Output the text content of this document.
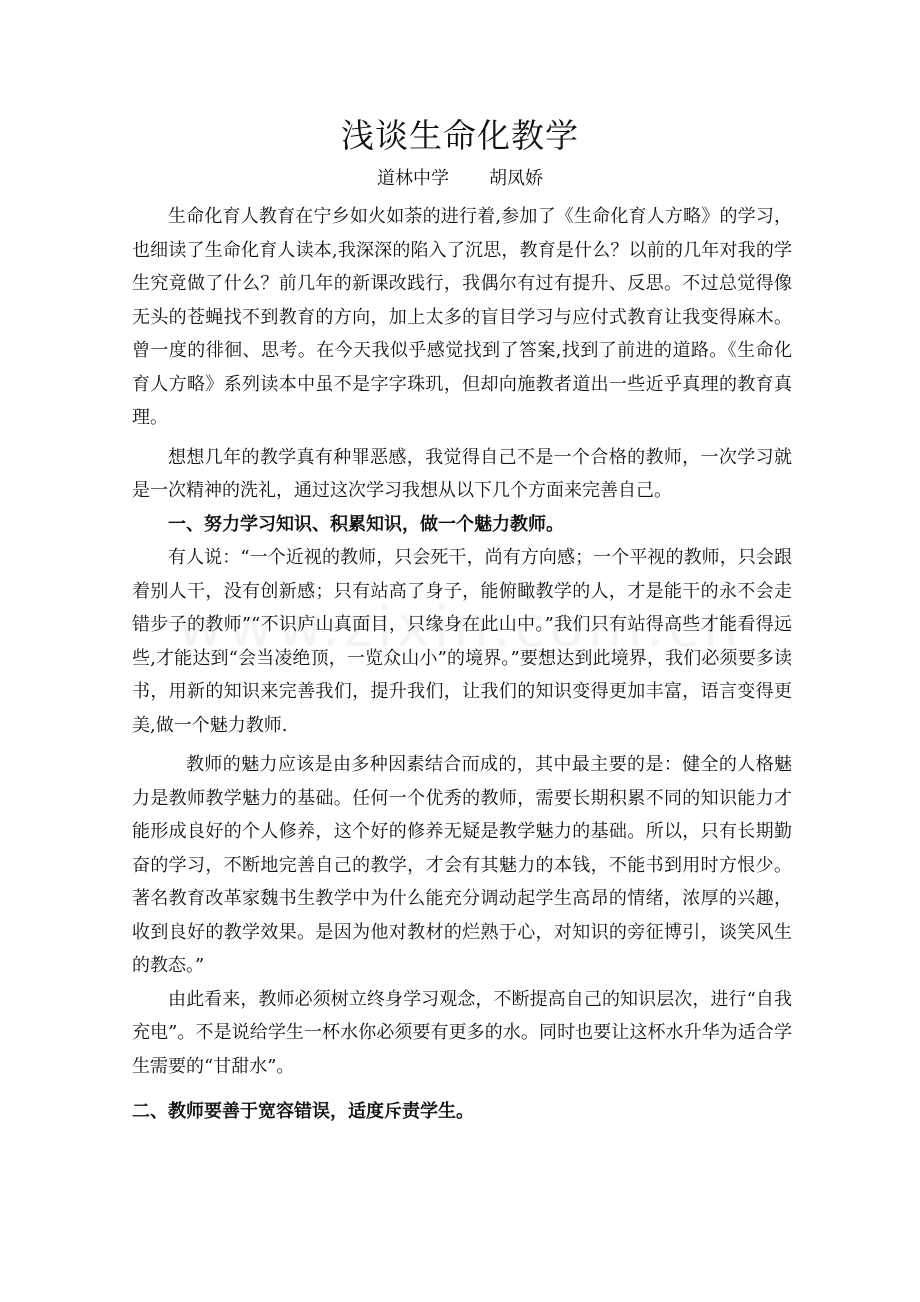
浅谈生命化教学
道林中学 胡凤娇

生命化育人教育在宁乡如火如荼的进行着,参加了《生命化育人方略》的学习，也细读了生命化育人读本,我深深的陷入了沉思，教育是什么？以前的几年对我的学生究竟做了什么？前几年的新课改践行，我偶尔有过有提升、反思。不过总觉得像无头的苍蝇找不到教育的方向，加上太多的盲目学习与应付式教育让我变得麻木。曾一度的徘徊、思考。在今天我似乎感觉找到了答案,找到了前进的道路。《生命化育人方略》系列读本中虽不是字字珠玑，但却向施教者道出一些近乎真理的教育真理。

想想几年的教学真有种罪恶感，我觉得自己不是一个合格的教师，一次学习就是一次精神的洗礼，通过这次学习我想从以下几个方面来完善自己。

一、努力学习知识、积累知识，做一个魅力教师。

有人说：“一个近视的教师，只会死干，尚有方向感；一个平视的教师，只会跟着别人干，没有创新感；只有站高了身子，能俯瞰教学的人，才是能干的永不会走错步子的教师”“不识庐山真面目，只缘身在此山中。”我们只有站得高些才能看得远些,才能达到“会当凌绝顶，一览众山小”的境界。”要想达到此境界，我们必须要多读书，用新的知识来完善我们，提升我们，让我们的知识变得更加丰富，语言变得更美,做一个魅力教师.

教师的魅力应该是由多种因素结合而成的，其中最主要的是：健全的人格魅力是教师教学魅力的基础。任何一个优秀的教师，需要长期积累不同的知识能力才能形成良好的个人修养，这个好的修养无疑是教学魅力的基础。所以，只有长期勤奋的学习，不断地完善自己的教学，才会有其魅力的本钱，不能书到用时方恨少。著名教育改革家魏书生教学中为什么能充分调动起学生高昂的情绪，浓厚的兴趣，收到良好的教学效果。是因为他对教材的烂熟于心，对知识的旁征博引，谈笑风生的教态。”

由此看来，教师必须树立终身学习观念，不断提高自己的知识层次，进行“自我充电”。不是说给学生一杯水你必须要有更多的水。同时也要让这杯水升华为适合学生需要的“甘甜水”。

二、教师要善于宽容错误，适度斥责学生。
